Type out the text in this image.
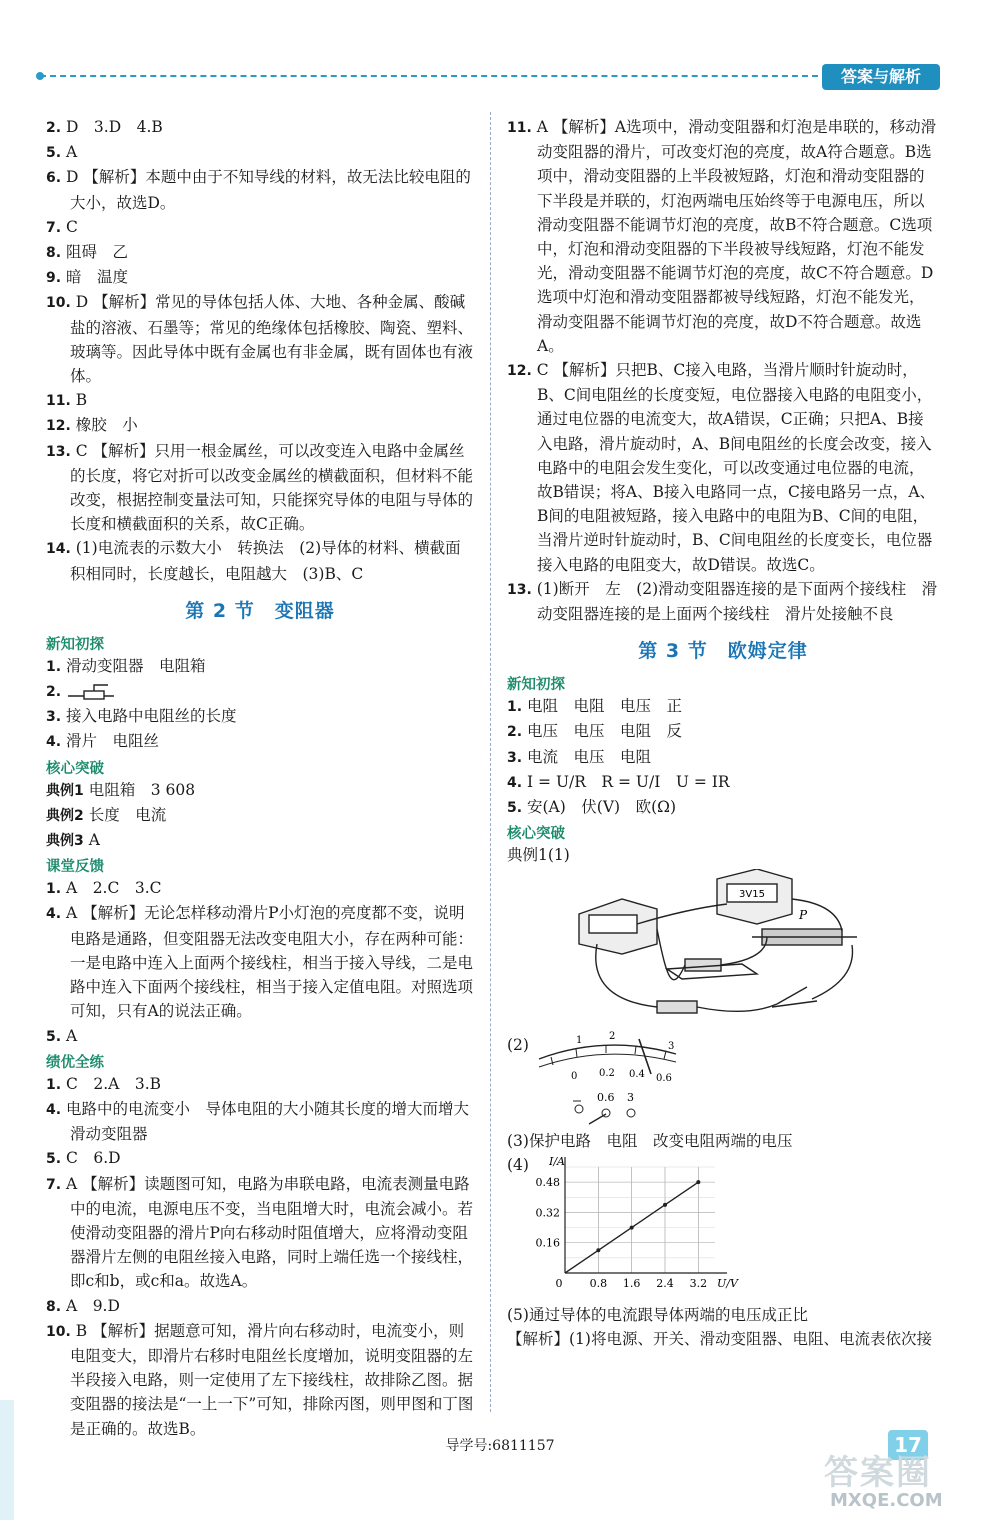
答案与解析
2. D　3.D　4.B
5. A
6. D 【解析】本题中由于不知导线的材料，故无法比较电阻的大小，故选D。
7. C
8. 阻碍　乙
9. 暗　温度
10. D 【解析】常见的导体包括人体、大地、各种金属、酸碱盐的溶液、石墨等；常见的绝缘体包括橡胶、陶瓷、塑料、玻璃等。因此导体中既有金属也有非金属，既有固体也有液体。
11. B
12. 橡胶　小
13. C 【解析】只用一根金属丝，可以改变连入电路中金属丝的长度，将它对折可以改变金属丝的横截面积，但材料不能改变，根据控制变量法可知，只能探究导体的电阻与导体的长度和横截面积的关系，故C正确。
14. (1)电流表的示数大小　转换法　(2)导体的材料、横截面积相同时，长度越长，电阻越大　(3)B、C
第 2 节　变阻器
新知初探
1. 滑动变阻器　电阻箱
2.
3. 接入电路中电阻丝的长度
4. 滑片　电阻丝
核心突破
典例1 电阻箱　3 608
典例2 长度　电流
典例3 A
课堂反馈
1. A　2.C　3.C
4. A 【解析】无论怎样移动滑片P小灯泡的亮度都不变，说明电路是通路，但变阻器无法改变电阻大小，存在两种可能：一是电路中连入上面两个接线柱，相当于接入导线，二是电路中连入下面两个接线柱，相当于接入定值电阻。对照选项可知，只有A的说法正确。
5. A
绩优全练
1. C　2.A　3.B
4. 电路中的电流变小　导体电阻的大小随其长度的增大而增大　滑动变阻器
5. C　6.D
7. A 【解析】读题图可知，电路为串联电路，电流表测量电路中的电流，电源电压不变，当电阻增大时，电流会减小。若使滑动变阻器的滑片P向右移动时阻值增大，应将滑动变阻器滑片左侧的电阻丝接入电路，同时上端任选一个接线柱，即c和b，或c和a。故选A。
8. A　9.D
10. B 【解析】据题意可知，滑片向右移动时，电流变小，则电阻变大，即滑片右移时电阻丝长度增加，说明变阻器的左半段接入电路，则一定使用了左下接线柱，故排除乙图。据变阻器的接法是“一上一下”可知，排除丙图，则甲图和丁图是正确的。故选B。
11. A 【解析】A选项中，滑动变阻器和灯泡是串联的，移动滑动变阻器的滑片，可改变灯泡的亮度，故A符合题意。B选项中，滑动变阻器的上半段被短路，灯泡和滑动变阻器的下半段是并联的，灯泡两端电压始终等于电源电压，所以滑动变阻器不能调节灯泡的亮度，故B不符合题意。C选项中，灯泡和滑动变阻器的下半段被导线短路，灯泡不能发光，滑动变阻器不能调节灯泡的亮度，故C不符合题意。D选项中灯泡和滑动变阻器都被导线短路，灯泡不能发光，滑动变阻器不能调节灯泡的亮度，故D不符合题意。故选A。
12. C 【解析】只把B、C接入电路，当滑片顺时针旋动时，B、C间电阻丝的长度变短，电位器接入电路的电阻变小，通过电位器的电流变大，故A错误，C正确；只把A、B接入电路，滑片旋动时，A、B间电阻丝的长度会改变，接入电路中的电阻会发生变化，可以改变通过电位器的电流，故B错误；将A、B接入电路同一点，C接电路另一点，A、B间的电阻被短路，接入电路中的电阻为B、C间的电阻，当滑片逆时针旋动时，B、C间电阻丝的长度变长，电位器接入电路的电阻变大，故D错误。故选C。
13. (1)断开　左　(2)滑动变阻器连接的是下面两个接线柱　滑动变阻器连接的是上面两个接线柱　滑片处接触不良
第 3 节　欧姆定律
新知初探
1. 电阻　电阻　电压　正
2. 电压　电压　电阻　反
3. 电流　电压　电阻
4. I = U/R　R = U/I　U = IR
5. 安(A)　伏(V)　欧(Ω)
核心突破
典例1(1)
P
3V15
(2)
0 0.2 0.4 0.6
1	2
3
0.6 3
(3)保护电路　电阻　改变电阻两端的电压
(4)
0.16
0.32
0.48
0.8 1.6 2.4 3.2
0
I/A
U/V
(5)通过导体的电流跟导体两端的电压成正比
【解析】(1)将电源、开关、滑动变阻器、电阻、电流表依次接
导学号:6811157	17
答案圈
MXQE.COM
